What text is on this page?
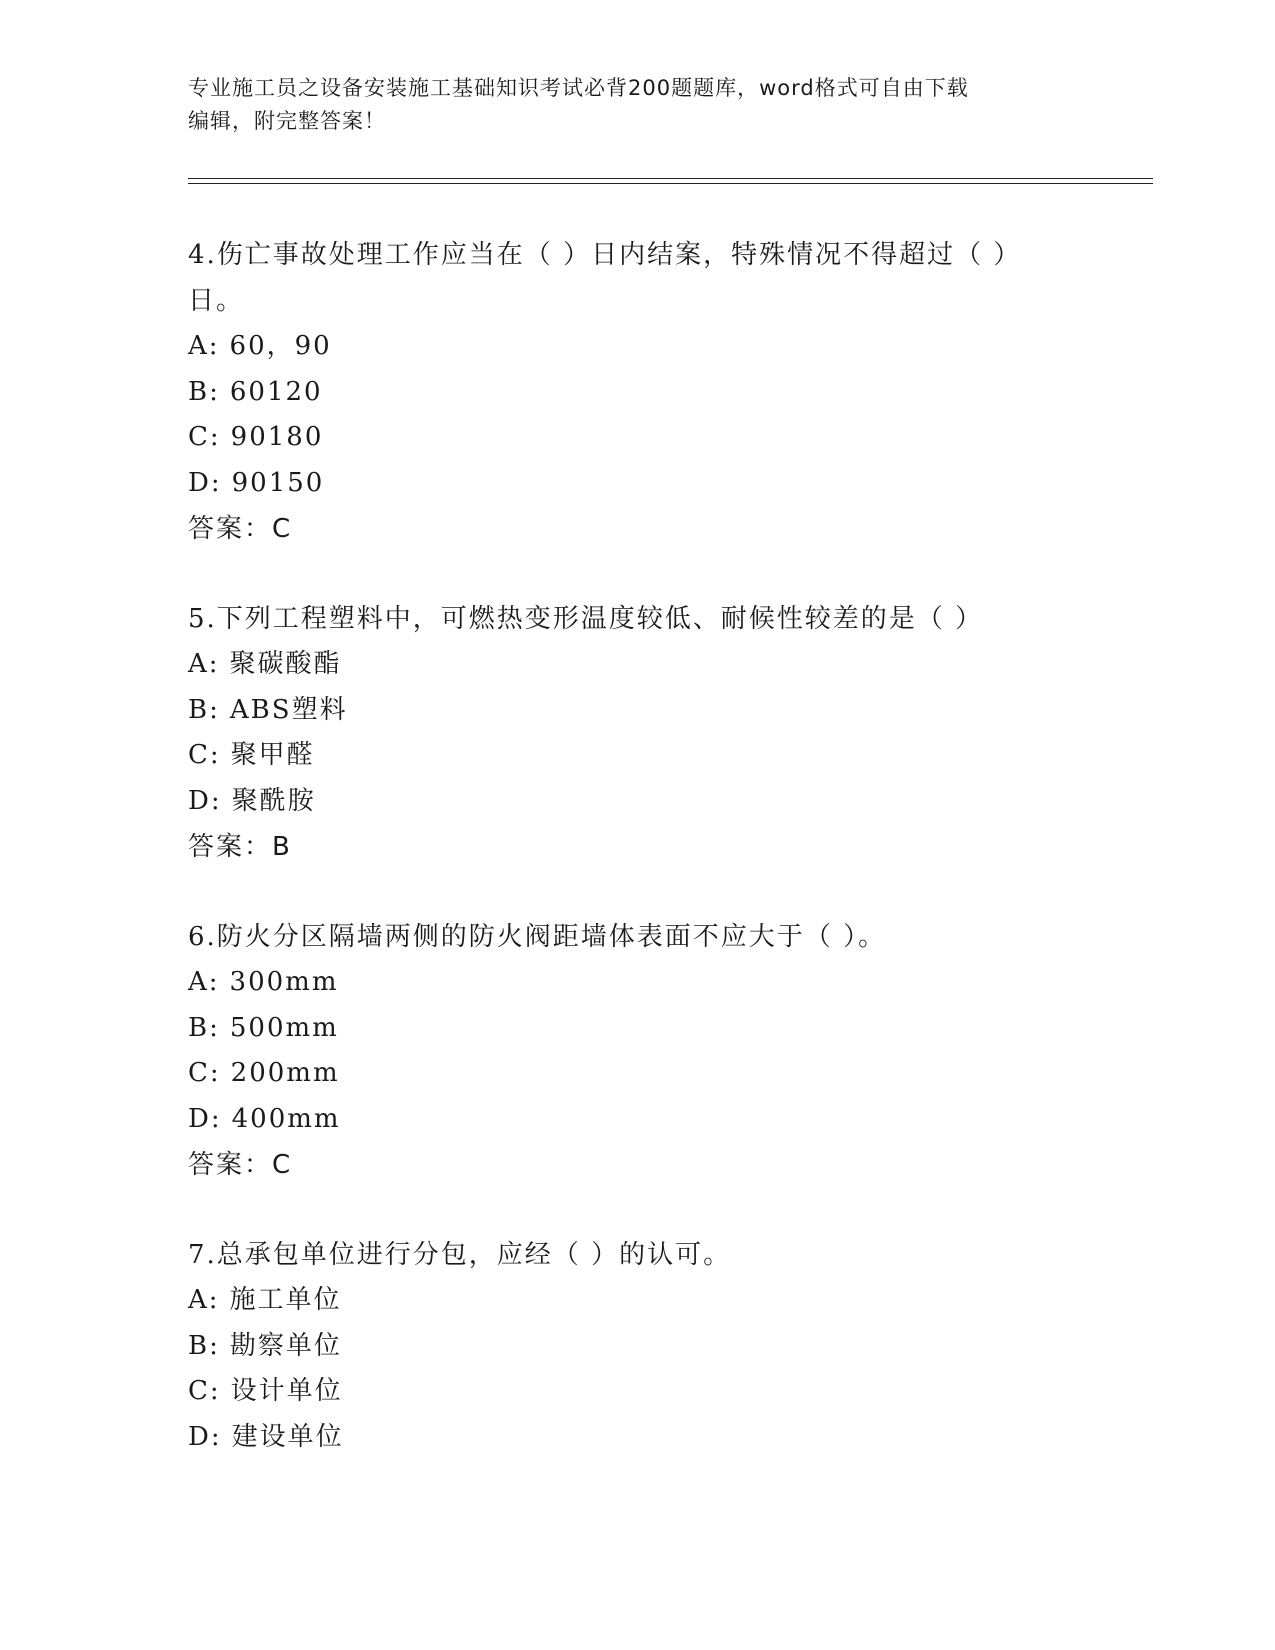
专业施工员之设备安装施工基础知识考试必背200题题库，word格式可自由下载
编辑，附完整答案！

4.伤亡事故处理工作应当在（ ）日内结案，特殊情况不得超过（ ）
日。

A: 60，90

B: 60120

C: 90180

D: 90150

答案：C

5.下列工程塑料中，可燃热变形温度较低、耐候性较差的是（ ）

A: 聚碳酸酯

B: ABS塑料

C: 聚甲醛

D: 聚酰胺

答案：B

6.防火分区隔墙两侧的防火阀距墙体表面不应大于（ ）。

A: 300mm

B: 500mm

C: 200mm

D: 400mm

答案：C

7.总承包单位进行分包，应经（ ）的认可。

A: 施工单位

B: 勘察单位

C: 设计单位

D: 建设单位
